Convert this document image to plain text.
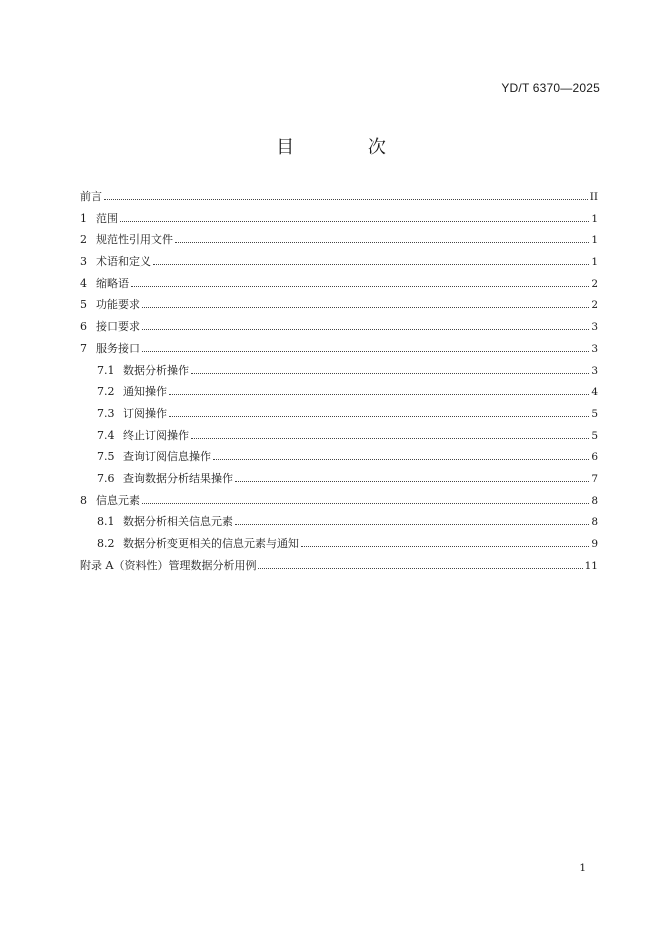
YD/T 6370—2025
目 次
前言	II
1 范围	1
2 规范性引用文件	1
3 术语和定义	1
4 缩略语	2
5 功能要求	2
6 接口要求	3
7 服务接口	3
7.1 数据分析操作	3
7.2 通知操作	4
7.3 订阅操作	5
7.4 终止订阅操作	5
7.5 查询订阅信息操作	6
7.6 查询数据分析结果操作	7
8 信息元素	8
8.1 数据分析相关信息元素	8
8.2 数据分析变更相关的信息元素与通知	9
附录 A（资料性）管理数据分析用例	11
1
